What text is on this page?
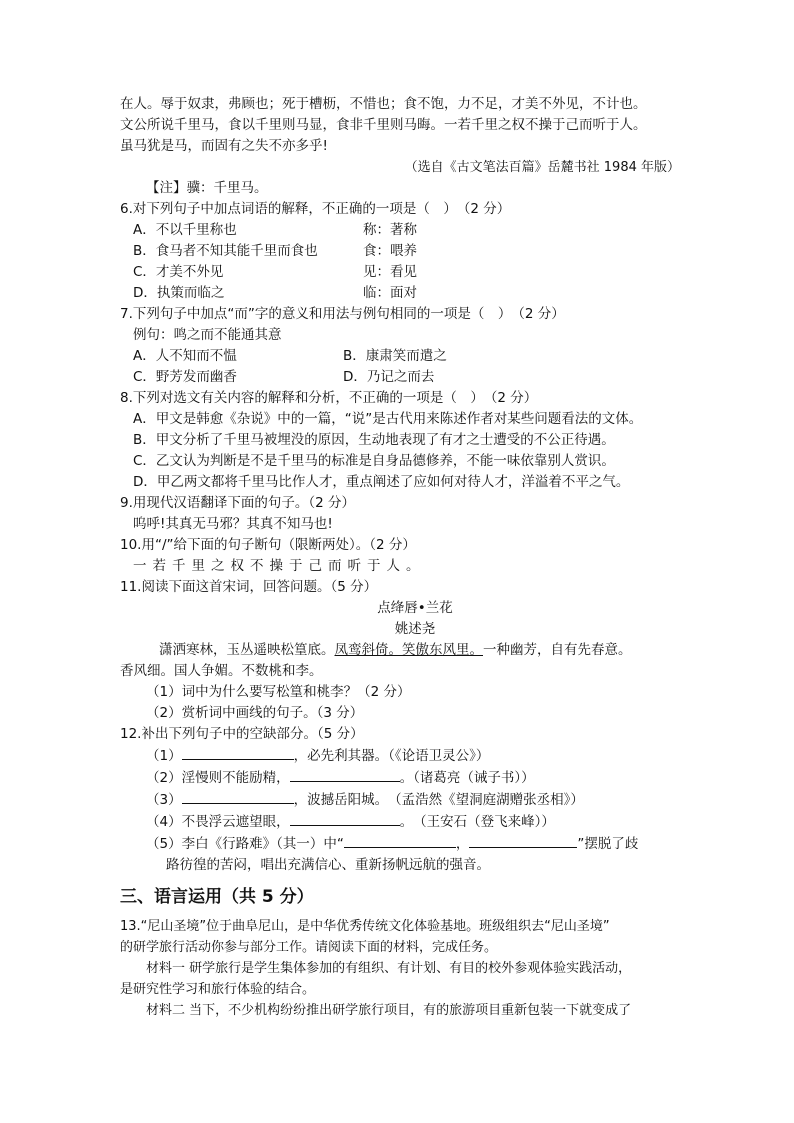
在人。辱于奴隶，弗顾也；死于槽枥，不惜也；食不饱，力不足，才美不外见，不计也。
文公所说千里马，食以千里则马显，食非千里则马晦。一若千里之权不操于己而听于人。
虽马犹是马，而固有之失不亦多乎!
（选自《古文笔法百篇》岳麓书社 1984 年版）
【注】骥：千里马。
6.对下列句子中加点词语的解释，不正确的一项是（　）　（2 分）
A．不以千里称也	称：著称
B．食马者不知其能千里而食也	食：喂养
C．才美不外见	见：看见
D．执策而临之	临：面对
7.下列句子中加点“而”字的意义和用法与例句相同的一项是（　）　（2 分）
例句：鸣之而不能通其意
A．人不知而不愠	B．康肃笑而遣之
C．野芳发而幽香	D．乃记之而去
8.下列对选文有关内容的解释和分析，不正确的一项是（　）　（2 分）
A．甲文是韩愈《杂说》中的一篇，“说”是古代用来陈述作者对某些问题看法的文体。
B．甲文分析了千里马被埋没的原因，生动地表现了有才之士遭受的不公正待遇。
C．乙文认为判断是不是千里马的标准是自身品德修养，不能一味依靠别人赏识。
D．甲乙两文都将千里马比作人才，重点阐述了应如何对待人才，洋溢着不平之气。
9.用现代汉语翻译下面的句子。（2 分）
呜呼!其真无马邪？其真不知马也!
10.用“/”给下面的句子断句（限断两处）。（2 分）
一若千里之权不操于己而听于人。
11.阅读下面这首宋词，回答问题。（5 分）
点绛唇•兰花
姚述尧
潇洒寒林，玉丛遥映松篁底。凤鸾斜倚。笑傲东风里。一种幽芳，自有先春意。
香风细。国人争媚。不数桃和李。
（1）词中为什么要写松篁和桃李？（2 分）
（2）赏析词中画线的句子。（3 分）
12.补出下列句子中的空缺部分。（5 分）
（1）	，必先利其器。（《论语卫灵公》）
（2）淫慢则不能励精，	。（诸葛亮（诫子书））
（3）	，波撼岳阳城。　（孟浩然《望洞庭湖赠张丞相》）
（4）不畏浮云遮望眼，	。　（王安石（登飞来峰））
（5）李白《行路难》（其一）中“	，	”摆脱了歧
路彷徨的苦闷，唱出充满信心、重新扬帆远航的强音。
三、语言运用（共 5 分）
13.“尼山圣境”位于曲阜尼山，是中华优秀传统文化体验基地。班级组织去“尼山圣境”
的研学旅行活动你参与部分工作。请阅读下面的材料，完成任务。
材料一 研学旅行是学生集体参加的有组织、有计划、有目的校外参观体验实践活动，
是研究性学习和旅行体验的结合。
材料二 当下，不少机构纷纷推出研学旅行项目，有的旅游项目重新包装一下就变成了
